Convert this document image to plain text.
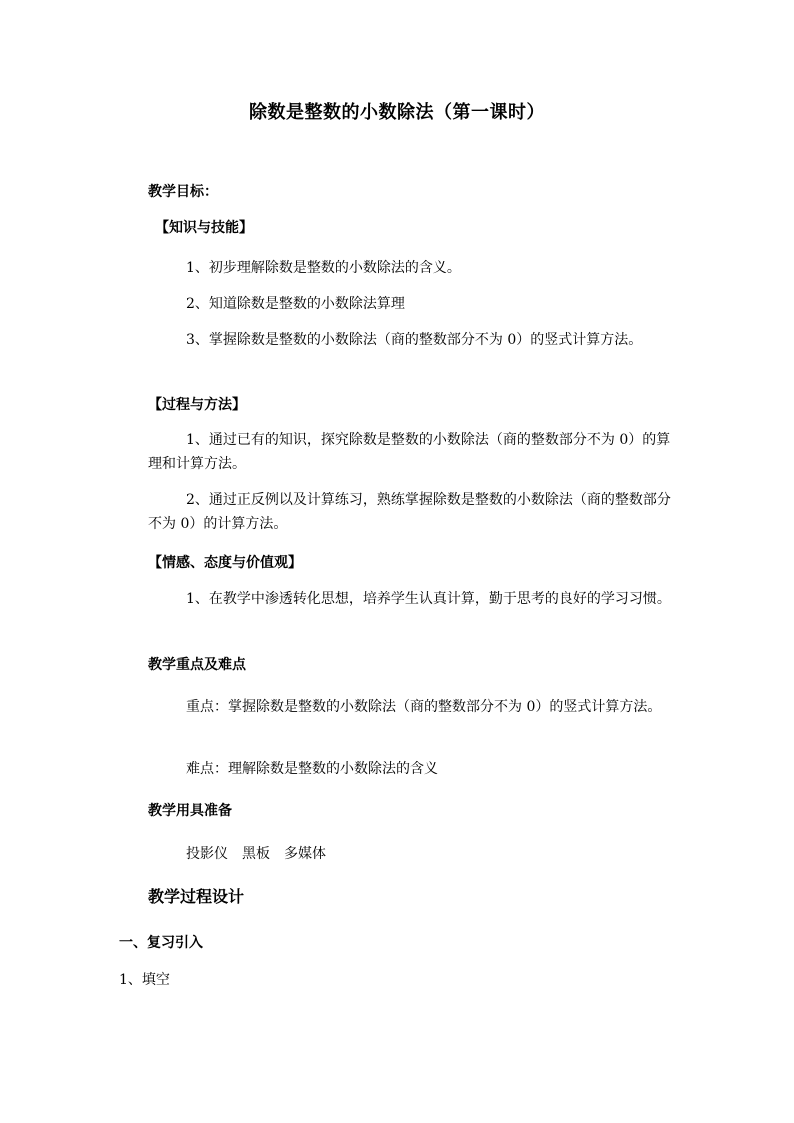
除数是整数的小数除法（第一课时）
教学目标：
【知识与技能】
1、初步理解除数是整数的小数除法的含义。
2、知道除数是整数的小数除法算理
3、掌握除数是整数的小数除法（商的整数部分不为 0）的竖式计算方法。
【过程与方法】
1、通过已有的知识，探究除数是整数的小数除法（商的整数部分不为 0）的算理和计算方法。
2、通过正反例以及计算练习，熟练掌握除数是整数的小数除法（商的整数部分不为 0）的计算方法。
【情感、态度与价值观】
1、在教学中渗透转化思想，培养学生认真计算，勤于思考的良好的学习习惯。
教学重点及难点
重点：掌握除数是整数的小数除法（商的整数部分不为 0）的竖式计算方法。
难点：理解除数是整数的小数除法的含义
教学用具准备
投影仪　黑板　多媒体
教学过程设计
一、复习引入
1、填空
